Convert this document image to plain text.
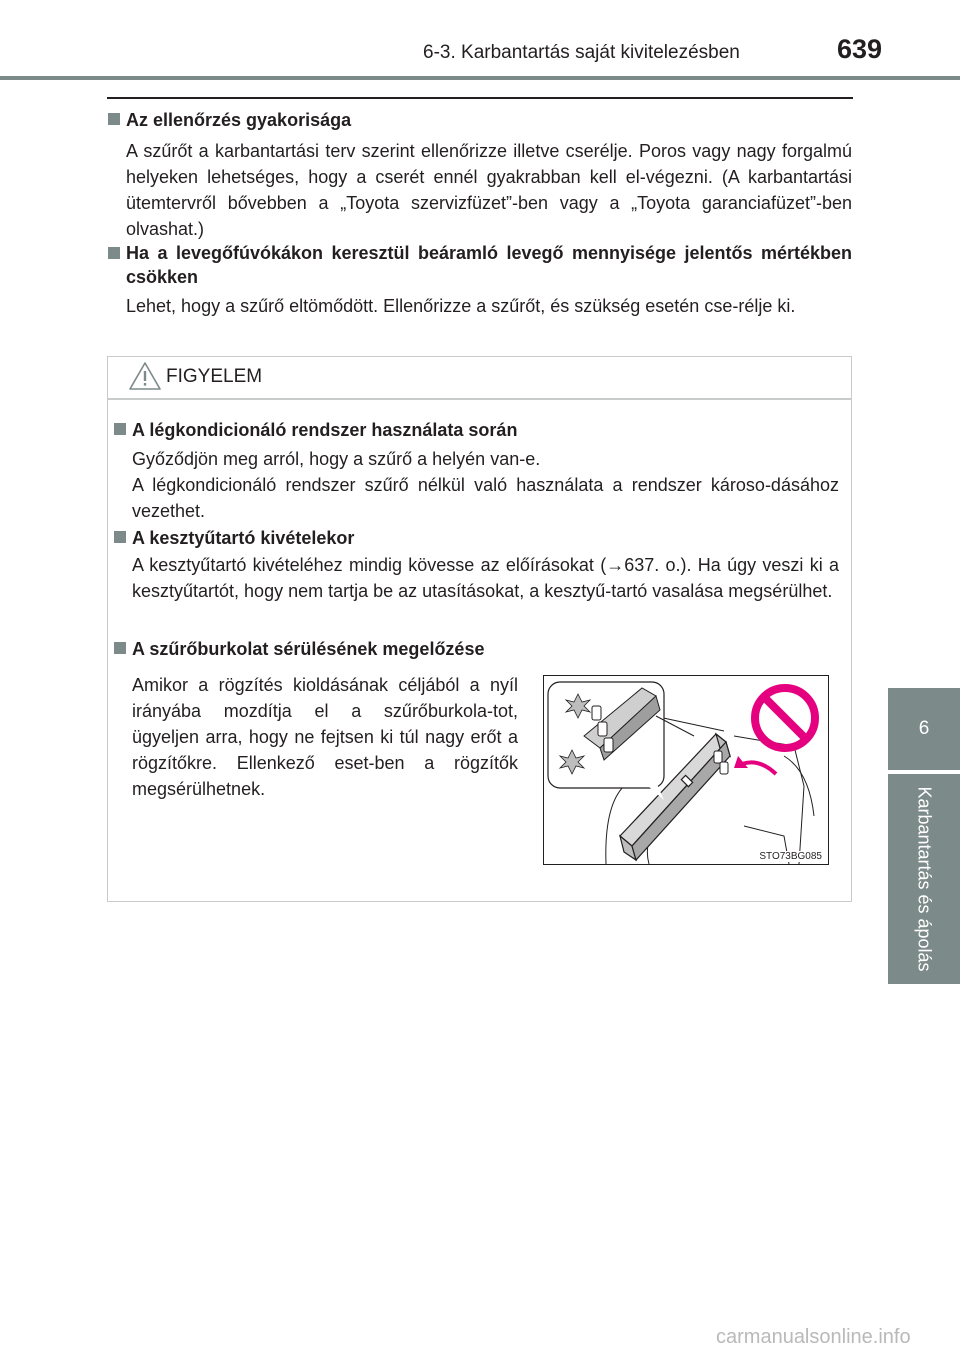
6-3. Karbantartás saját kivitelezésben	639
6
Karbantartás és ápolás
Az ellenőrzés gyakorisága
A szűrőt a karbantartási terv szerint ellenőrizze illetve cserélje. Poros vagy nagy forgalmú helyeken lehetséges, hogy a cserét ennél gyakrabban kell el-végezni. (A karbantartási ütemtervről bővebben a „Toyota szervizfüzet”-ben vagy a „Toyota garanciafüzet”-ben olvashat.)
Ha a levegőfúvókákon keresztül beáramló levegő mennyisége jelentős mértékben csökken
Lehet, hogy a szűrő eltömődött. Ellenőrizze a szűrőt, és szükség esetén cse-rélje ki.
FIGYELEM
A légkondicionáló rendszer használata során
Győződjön meg arról, hogy a szűrő a helyén van-e.
A légkondicionáló rendszer szűrő nélkül való használata a rendszer károso-dásához vezethet.
A kesztyűtartó kivételekor
A kesztyűtartó kivételéhez mindig kövesse az előírásokat (→637. o.). Ha úgy veszi ki a kesztyűtartót, hogy nem tartja be az utasításokat, a kesztyű-tartó vasalása megsérülhet.
A szűrőburkolat sérülésének megelőzése
Amikor a rögzítés kioldásának céljából a nyíl irányába mozdítja el a szűrőburkola-tot, ügyeljen arra, hogy ne fejtsen ki túl nagy erőt a rögzítőkre. Ellenkező eset-ben a rögzítők megsérülhetnek.
STO73BG085
carmanualsonline.info
